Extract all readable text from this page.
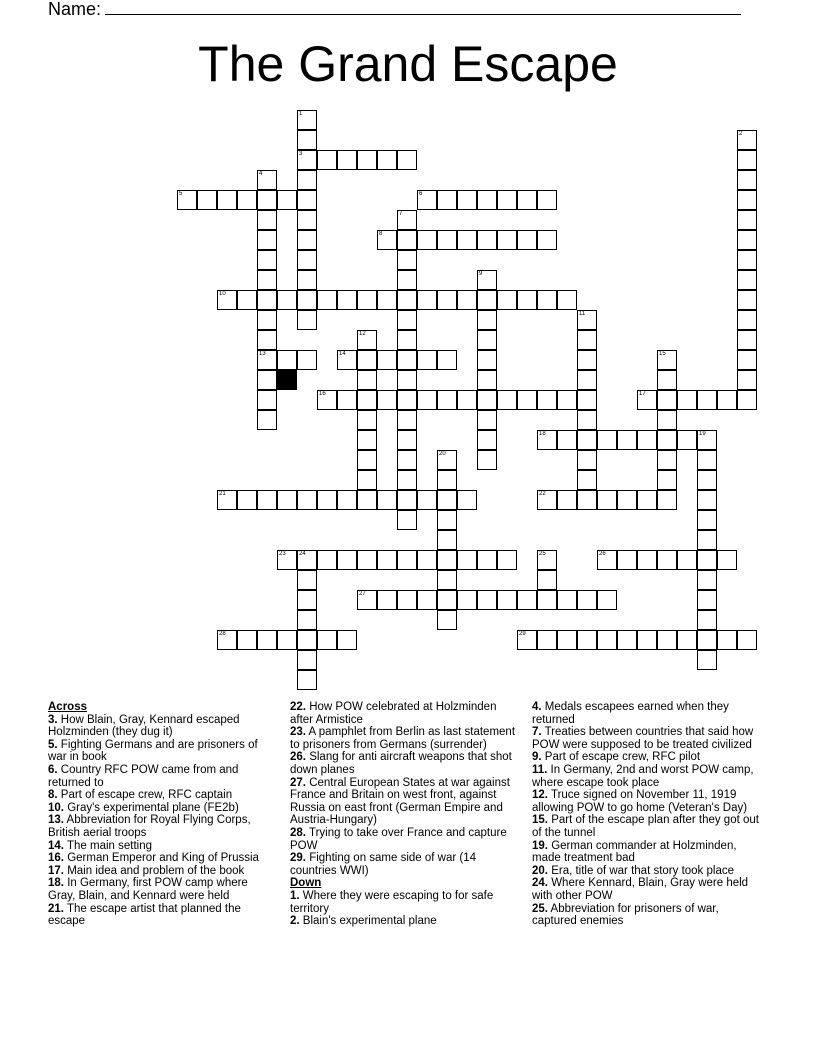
Name:
The Grand Escape
1
3
2
4
13
5	6
7
8
9
10
11
12
14	15
16	17
18	19
20
21	22
23 24	25	26
27
28	29
Across
3. How Blain, Gray, Kennard escaped Holzminden (they dug it)
5. Fighting Germans and are prisoners of war in book
6. Country RFC POW came from and returned to
8. Part of escape crew, RFC captain
10. Gray's experimental plane (FE2b)
13. Abbreviation for Royal Flying Corps, British aerial troops
14. The main setting
16. German Emperor and King of Prussia
17. Main idea and problem of the book
18. In Germany, first POW camp where Gray, Blain, and Kennard were held
21. The escape artist that planned the escape
22. How POW celebrated at Holzminden after Armistice
23. A pamphlet from Berlin as last statement to prisoners from Germans (surrender)
26. Slang for anti aircraft weapons that shot down planes
27. Central European States at war against France and Britain on west front, against Russia on east front (German Empire and Austria-Hungary)
28. Trying to take over France and capture POW
29. Fighting on same side of war (14 countries WWI)
Down
1. Where they were escaping to for safe territory
2. Blain's experimental plane
4. Medals escapees earned when they returned
7. Treaties between countries that said how POW were supposed to be treated civilized
9. Part of escape crew, RFC pilot
11. In Germany, 2nd and worst POW camp, where escape took place
12. Truce signed on November 11, 1919 allowing POW to go home (Veteran's Day)
15. Part of the escape plan after they got out of the tunnel
19. German commander at Holzminden, made treatment bad
20. Era, title of war that story took place
24. Where Kennard, Blain, Gray were held with other POW
25. Abbreviation for prisoners of war, captured enemies
